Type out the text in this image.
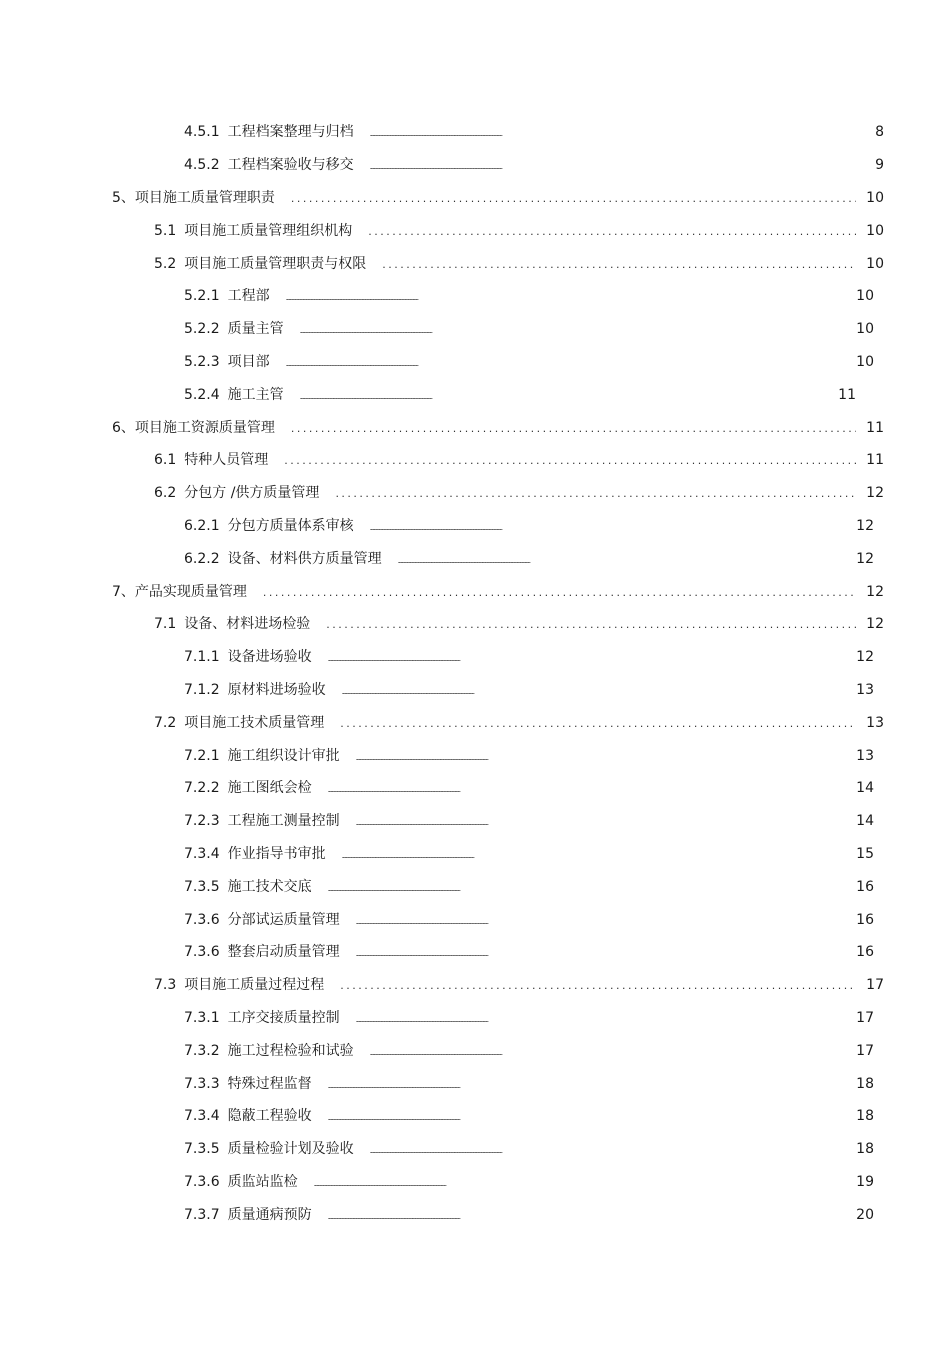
4.5.1 工程档案整理与归档 . . .	8
4.5.2 工程档案验收与移交 . . .	9
5、 项目施工质量管理职责 · · ·	10
5.1 项目施工质量管理组织机构 · · ·	10
5.2 项目施工质量管理职责与权限 · · ·	10
5.2.1 工程部 . . .	10
5.2.2 质量主管 . . .	10
5.2.3 项目部 . . .	10
5.2.4 施工主管 . . .	11
6、 项目施工资源质量管理 · · ·	11
6.1 特种人员管理 · · ·	11
6.2 分包方 /供方质量管理 · · ·	12
6.2.1 分包方质量体系审核 . . .	12
6.2.2 设备、材料供方质量管理 . . .	12
7、 产品实现质量管理 · · ·	12
7.1 设备、材料进场检验 · · ·	12
7.1.1 设备进场验收 . . .	12
7.1.2 原材料进场验收 . . .	13
7.2 项目施工技术质量管理 · · ·	13
7.2.1 施工组织设计审批 . . .	13
7.2.2 施工图纸会检 . . .	14
7.2.3 工程施工测量控制 . . .	14
7.3.4 作业指导书审批 . . .	15
7.3.5 施工技术交底 . . .	16
7.3.6 分部试运质量管理 . . .	16
7.3.6 整套启动质量管理 . . .	16
7.3 项目施工质量过程过程 · · ·	17
7.3.1 工序交接质量控制 . . .	17
7.3.2 施工过程检验和试验 . . .	17
7.3.3 特殊过程监督 . . .	18
7.3.4 隐蔽工程验收 . . .	18
7.3.5 质量检验计划及验收 . . .	18
7.3.6 质监站监检 . . .	19
7.3.7 质量通病预防 . . .	20
